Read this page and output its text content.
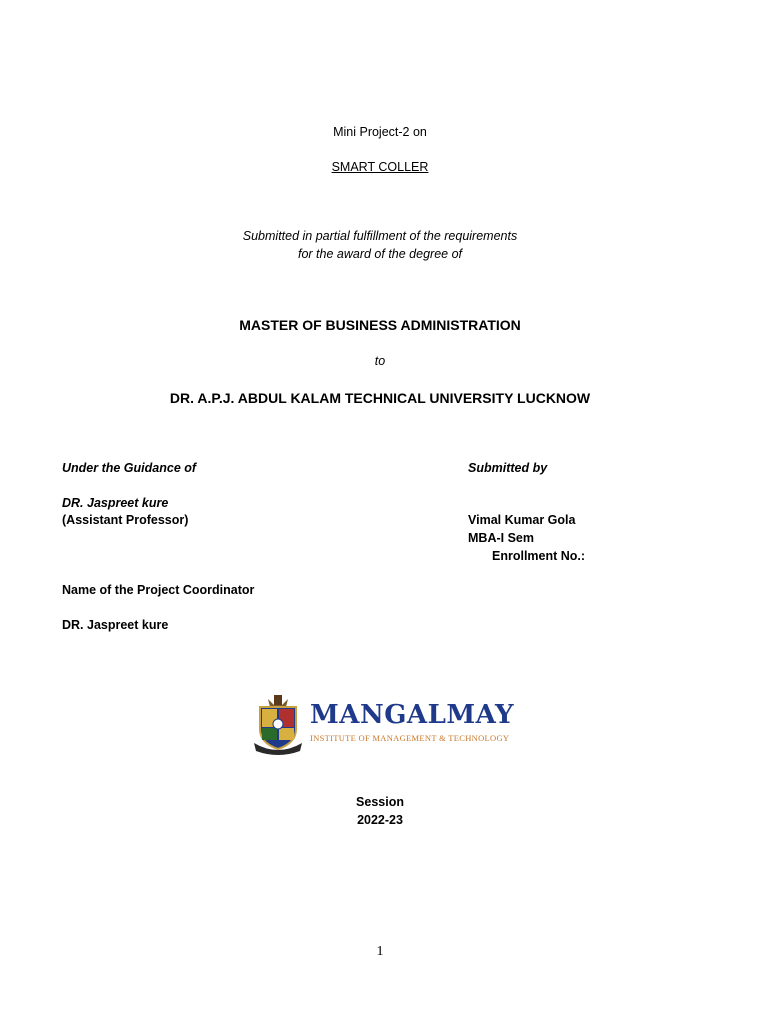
Mini Project-2 on
SMART COLLER
Submitted in partial fulfillment of the requirements
for the award of the degree of
MASTER OF BUSINESS ADMINISTRATION
to
DR. A.P.J. ABDUL KALAM TECHNICAL UNIVERSITY LUCKNOW
Under the Guidance of
DR. Jaspreet kure
(Assistant Professor)
Submitted by
Vimal Kumar Gola
MBA-I Sem
Enrollment No.:
Name of the Project Coordinator
DR. Jaspreet kure
MANGALMAY
INSTITUTE OF MANAGEMENT & TECHNOLOGY
Session
2022-23
1
